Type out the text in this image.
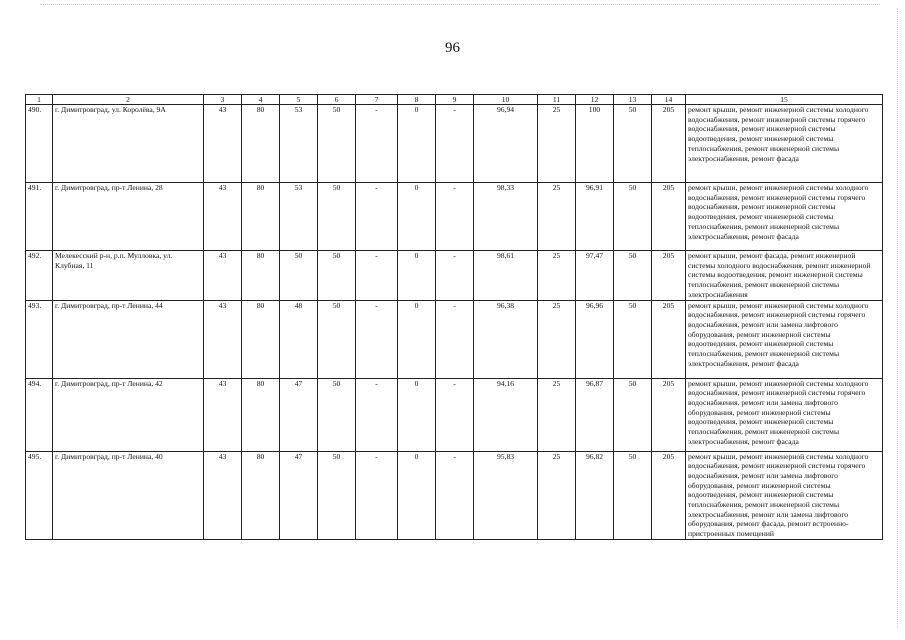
96
1	2	3	4	5	6	7	8	9	10	11	12	13	14	15
490.	г. Димитровград, ул. Королёва, 9А	43	80	53	50	-	0	-	96,94	25	100	50	205	ремонт крыши, ремонт инженерной системы холодного водоснабжения, ремонт инженерной системы горячего водоснабжения, ремонт инженерной системы водоотведения, ремонт инженерной системы теплоснабжения, ремонт инженерной системы электроснабжения, ремонт фасада
491.	г. Димитровград, пр-т Ленина, 28	43	80	53	50	-	0	-	98,33	25	96,91	50	205	ремонт крыши, ремонт инженерной системы холодного водоснабжения, ремонт инженерной системы горячего водоснабжения, ремонт инженерной системы водоотведения, ремонт инженерной системы теплоснабжения, ремонт инженерной системы электроснабжения, ремонт фасада
492.	Мелекесский р-н, р.п. Мулловка, ул. Клубная, 11	43	80	50	50	-	0	-	98,61	25	97,47	50	205	ремонт крыши, ремонт фасада, ремонт инженерной системы холодного водоснабжения, ремонт инженерной системы водоотведения, ремонт инженерной системы теплоснабжения, ремонт инженерной системы электроснабжения
493.	г. Димитровград, пр-т Ленина, 44	43	80	48	50	-	0	-	96,38	25	96,96	50	205	ремонт крыши, ремонт инженерной системы холодного водоснабжения, ремонт инженерной системы горячего водоснабжения, ремонт или замена лифтового оборудования, ремонт инженерной системы водоотведения, ремонт инженерной системы теплоснабжения, ремонт инженерной системы электроснабжения, ремонт фасада
494.	г. Димитровград, пр-т Ленина, 42	43	80	47	50	-	0	-	94,16	25	96,87	50	205	ремонт крыши, ремонт инженерной системы холодного водоснабжения, ремонт инженерной системы горячего водоснабжения, ремонт или замена лифтового оборудования, ремонт инженерной системы водоотведения, ремонт инженерной системы теплоснабжения, ремонт инженерной системы электроснабжения, ремонт фасада
495.	г. Димитровград, пр-т Ленина, 40	43	80	47	50	-	0	-	95,83	25	96,82	50	205	ремонт крыши, ремонт инженерной системы холодного водоснабжения, ремонт инженерной системы горячего водоснабжения, ремонт или замена лифтового оборудования, ремонт инженерной системы водоотведения, ремонт инженерной системы теплоснабжения, ремонт инженерной системы электроснабжения, ремонт или замена лифтового оборудования, ремонт фасада, ремонт встроенно-пристроенных помещений
